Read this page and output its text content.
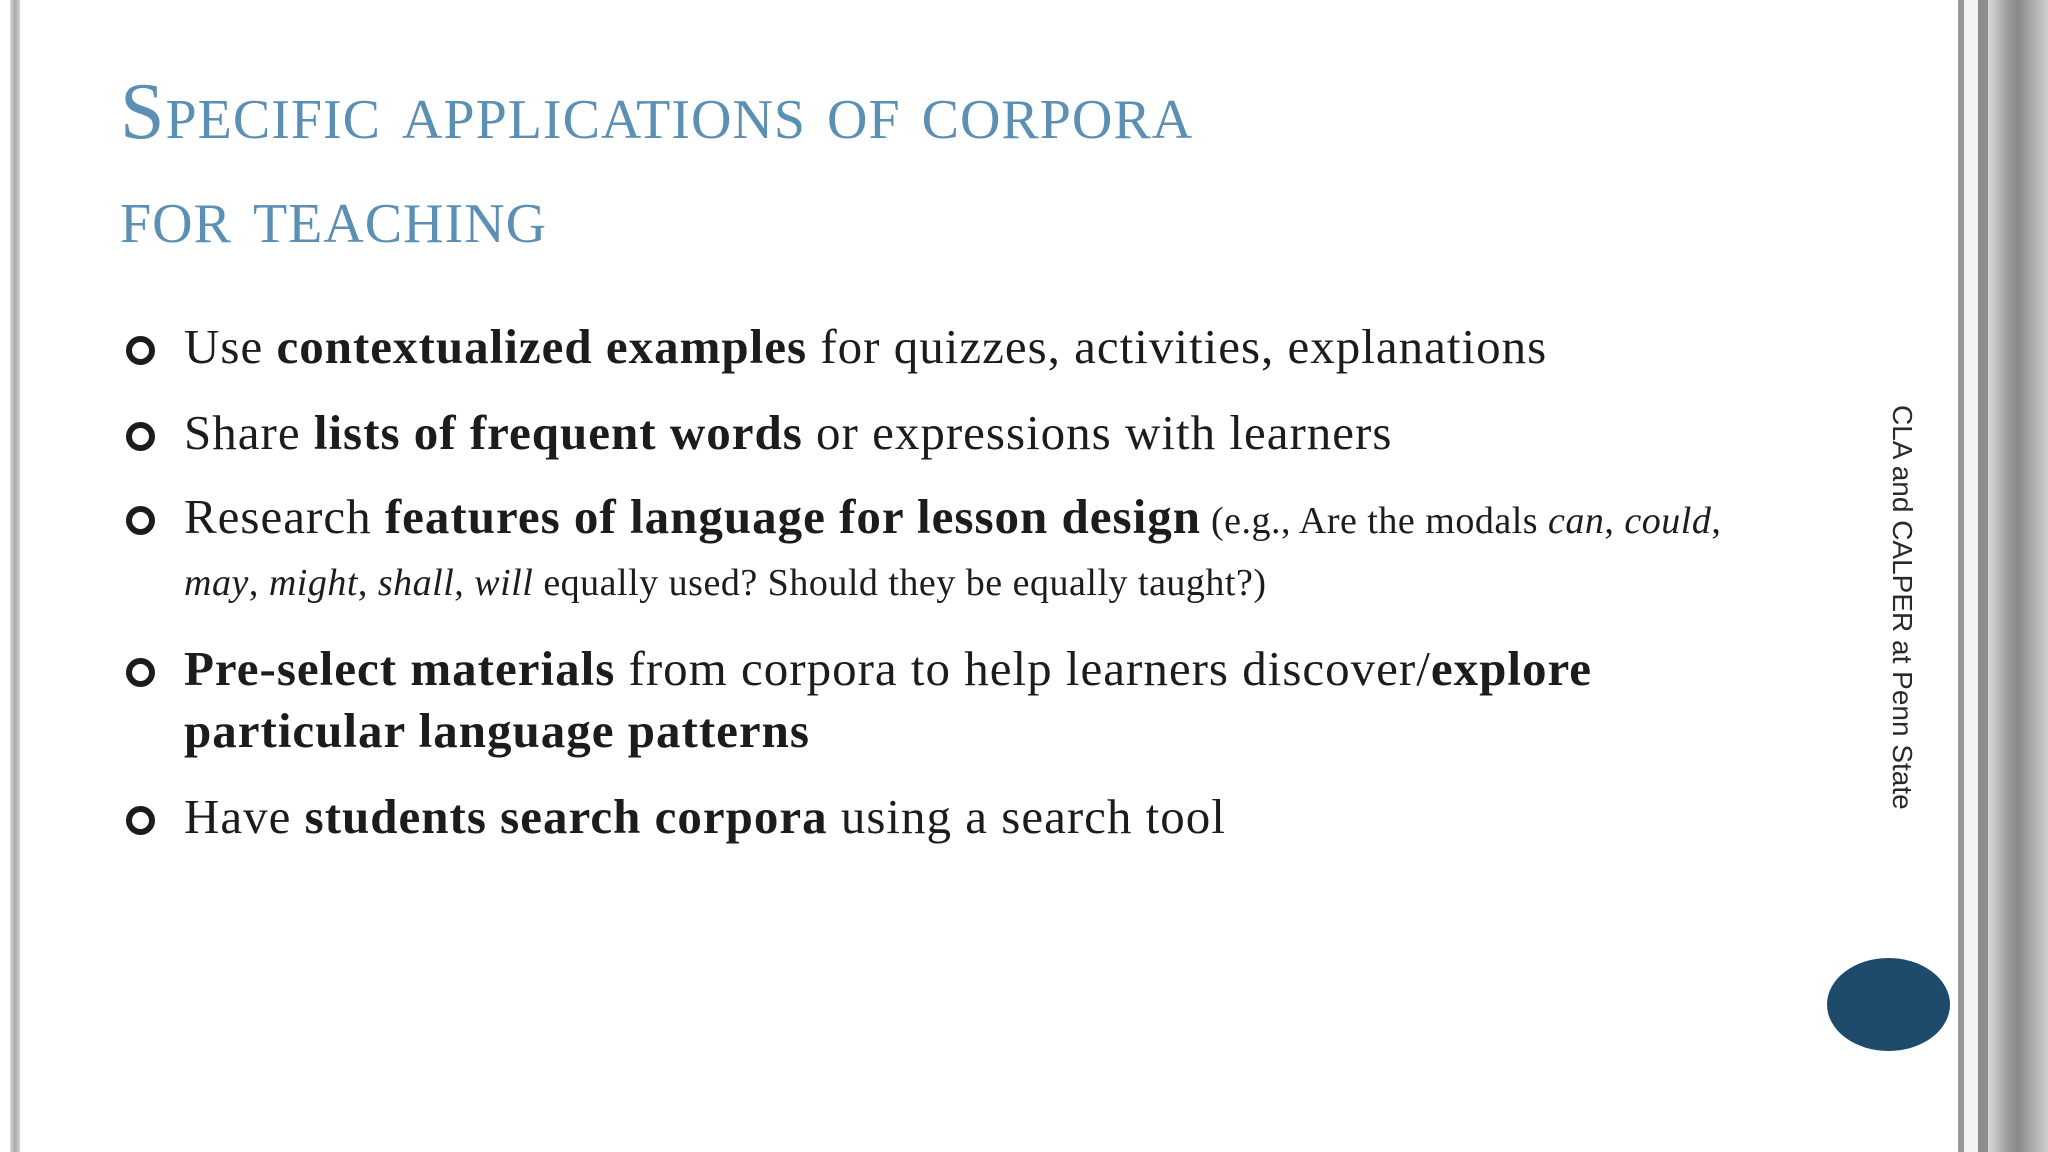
Specific applications of corpora
for teaching
Use contextualized examples for quizzes, activities, explanations
Share lists of frequent words or expressions with learners
Research features of language for lesson design (e.g., Are the modals can, could, may, might, shall, will equally used? Should they be equally taught?)
Pre-select materials from corpora to help learners discover/explore particular language patterns
Have students search corpora using a search tool
CLA and CALPER at Penn State
